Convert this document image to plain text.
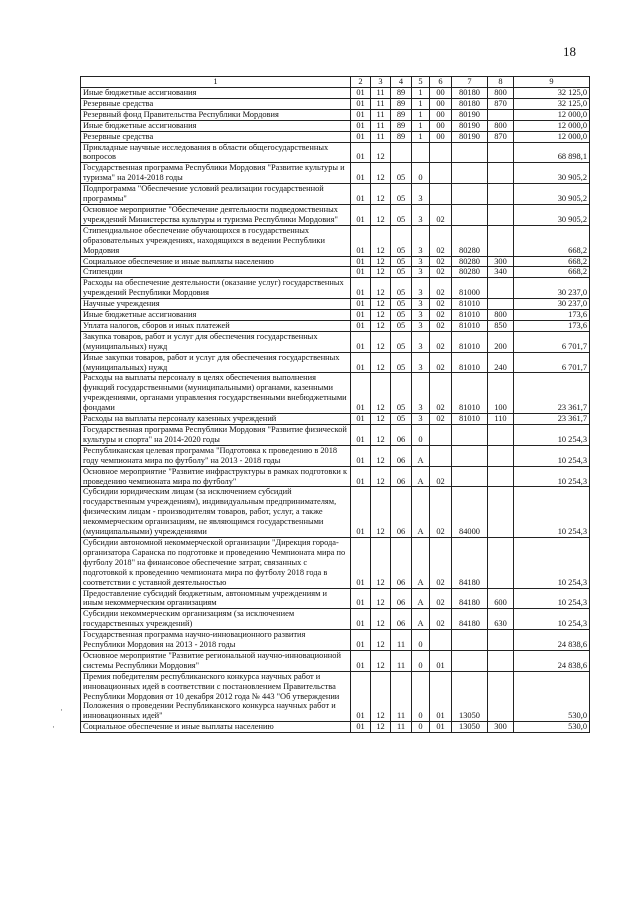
18
1	2	3	4	5	6	7	8	9
Иные бюджетные ассигнования	01	11	89	1	00	80180	800	32 125,0
Резервные средства	01	11	89	1	00	80180	870	32 125,0
Резервный фонд Правительства Республики Мордовия	01	11	89	1	00	80190		12 000,0
Иные бюджетные ассигнования	01	11	89	1	00	80190	800	12 000,0
Резервные средства	01	11	89	1	00	80190	870	12 000,0
Прикладные научные исследования в области общегосударственных вопросов	01	12						68 898,1
Государственная программа Республики Мордовия "Развитие культуры и туризма" на 2014-2018 годы	01	12	05	0				30 905,2
Подпрограмма "Обеспечение условий реализации государственной программы"	01	12	05	3				30 905,2
Основное мероприятие "Обеспечение деятельности подведомственных учреждений Министерства культуры и туризма Республики Мордовия"	01	12	05	3	02			30 905,2
Стипендиальное обеспечение обучающихся в государственных образовательных учреждениях, находящихся в ведении Республики Мордовия	01	12	05	3	02	80280		668,2
Социальное обеспечение и иные выплаты населению	01	12	05	3	02	80280	300	668,2
Стипендии	01	12	05	3	02	80280	340	668,2
Расходы на обеспечение деятельности (оказание услуг) государственных учреждений Республики Мордовия	01	12	05	3	02	81000		30 237,0
Научные учреждения	01	12	05	3	02	81010		30 237,0
Иные бюджетные ассигнования	01	12	05	3	02	81010	800	173,6
Уплата налогов, сборов и иных платежей	01	12	05	3	02	81010	850	173,6
Закупка товаров, работ и услуг для обеспечения государственных (муниципальных) нужд	01	12	05	3	02	81010	200	6 701,7
Иные закупки товаров, работ и услуг для обеспечения государственных (муниципальных) нужд	01	12	05	3	02	81010	240	6 701,7
Расходы на выплаты персоналу в целях обеспечения выполнения функций государственными (муниципальными) органами, казенными учреждениями, органами управления государственными внебюджетными фондами	01	12	05	3	02	81010	100	23 361,7
Расходы на выплаты персоналу казенных учреждений	01	12	05	3	02	81010	110	23 361,7
Государственная программа Республики Мордовия "Развитие физической культуры и спорта" на 2014-2020 годы	01	12	06	0				10 254,3
Республиканская целевая программа "Подготовка к проведению в 2018 году чемпионата мира по футболу" на 2013 - 2018 годы	01	12	06	А				10 254,3
Основное мероприятие "Развитие инфраструктуры в рамках подготовки к проведению чемпионата мира по футболу"	01	12	06	А	02			10 254,3
Субсидии юридическим лицам (за исключением субсидий государственным учреждениям), индивидуальным предпринимателям, физическим лицам - производителям товаров, работ, услуг, а также некоммерческим организациям, не являющимся государственными (муниципальными) учреждениями	01	12	06	А	02	84000		10 254,3
Субсидии автономной некоммерческой организации "Дирекция города-организатора Саранска по подготовке и проведению Чемпионата мира по футболу 2018" на финансовое обеспечение затрат, связанных с подготовкой к проведению чемпионата мира по футболу 2018 года в соответствии с уставной деятельностью	01	12	06	А	02	84180		10 254,3
Предоставление субсидий бюджетным, автономным учреждениям и иным некоммерческим организациям	01	12	06	А	02	84180	600	10 254,3
Субсидии некоммерческим организациям (за исключением государственных учреждений)	01	12	06	А	02	84180	630	10 254,3
Государственная программа научно-инновационного развития Республики Мордовия на 2013 - 2018 годы	01	12	11	0				24 838,6
Основное мероприятие "Развитие региональной научно-инновационной системы Республики Мордовия"	01	12	11	0	01			24 838,6
Премия победителям республиканского конкурса научных работ и инновационных идей в соответствии с постановлением Правительства Республики Мордовия от 10 декабря 2012 года № 443 "Об утверждении Положения о проведении Республиканского конкурса научных работ и инновационных идей"	01	12	11	0	01	13050		530,0
Социальное обеспечение и иные выплаты населению	01	12	11	0	01	13050	300	530,0
·
·
